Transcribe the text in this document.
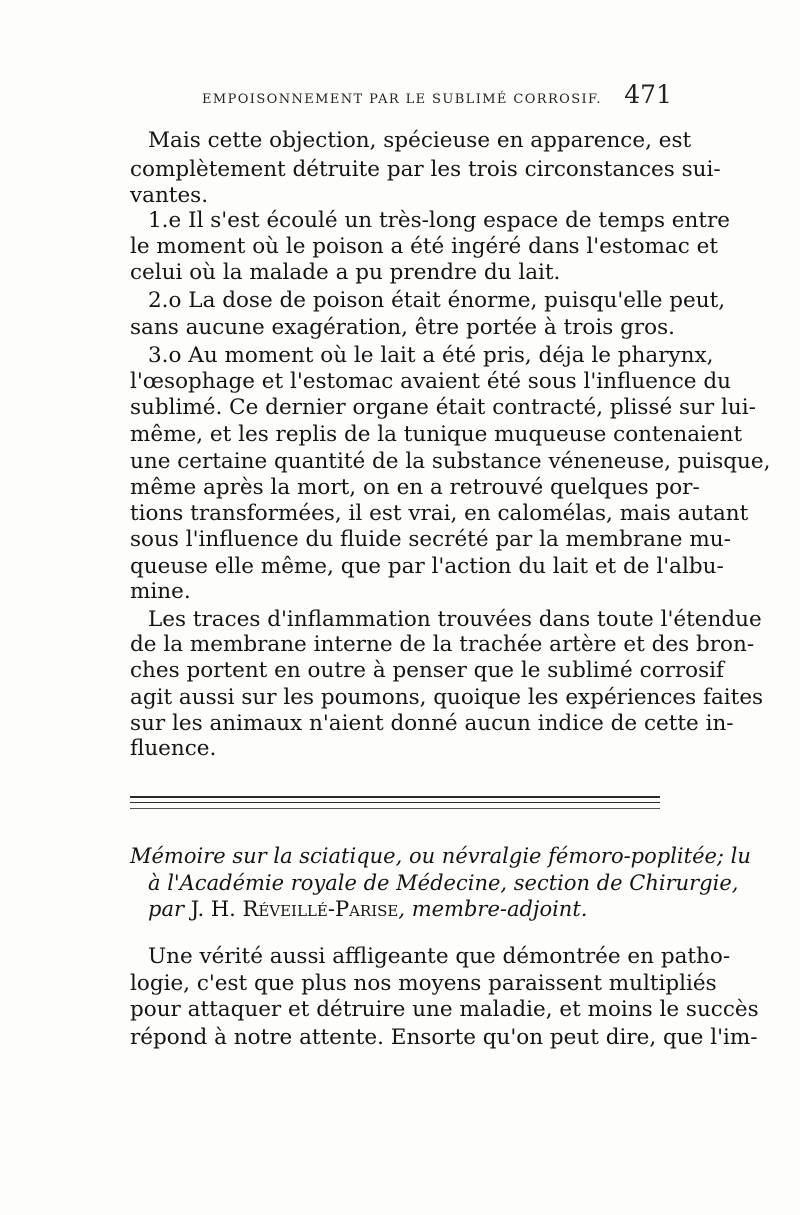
EMPOISONNEMENT PAR LE SUBLIMÉ CORROSIF. 471
Mais cette objection, spécieuse en apparence, est
complètement détruite par les trois circonstances sui-
vantes.
1.e Il s'est écoulé un très-long espace de temps entre
le moment où le poison a été ingéré dans l'estomac et
celui où la malade a pu prendre du lait.
2.o La dose de poison était énorme, puisqu'elle peut,
sans aucune exagération, être portée à trois gros.
3.o Au moment où le lait a été pris, déja le pharynx,
l'œsophage et l'estomac avaient été sous l'influence du
sublimé. Ce dernier organe était contracté, plissé sur lui-
même, et les replis de la tunique muqueuse contenaient
une certaine quantité de la substance véneneuse, puisque,
même après la mort, on en a retrouvé quelques por-
tions transformées, il est vrai, en calomélas, mais autant
sous l'influence du fluide secrété par la membrane mu-
queuse elle même, que par l'action du lait et de l'albu-
mine.
Les traces d'inflammation trouvées dans toute l'étendue
de la membrane interne de la trachée artère et des bron-
ches portent en outre à penser que le sublimé corrosif
agit aussi sur les poumons, quoique les expériences faites
sur les animaux n'aient donné aucun indice de cette in-
fluence.
Mémoire sur la sciatique, ou névralgie fémoro-poplitée; lu
à l'Académie royale de Médecine, section de Chirurgie,
par J. H. Réveillé-Parise, membre-adjoint.
Une vérité aussi affligeante que démontrée en patho-
logie, c'est que plus nos moyens paraissent multipliés
pour attaquer et détruire une maladie, et moins le succès
répond à notre attente. Ensorte qu'on peut dire, que l'im-
